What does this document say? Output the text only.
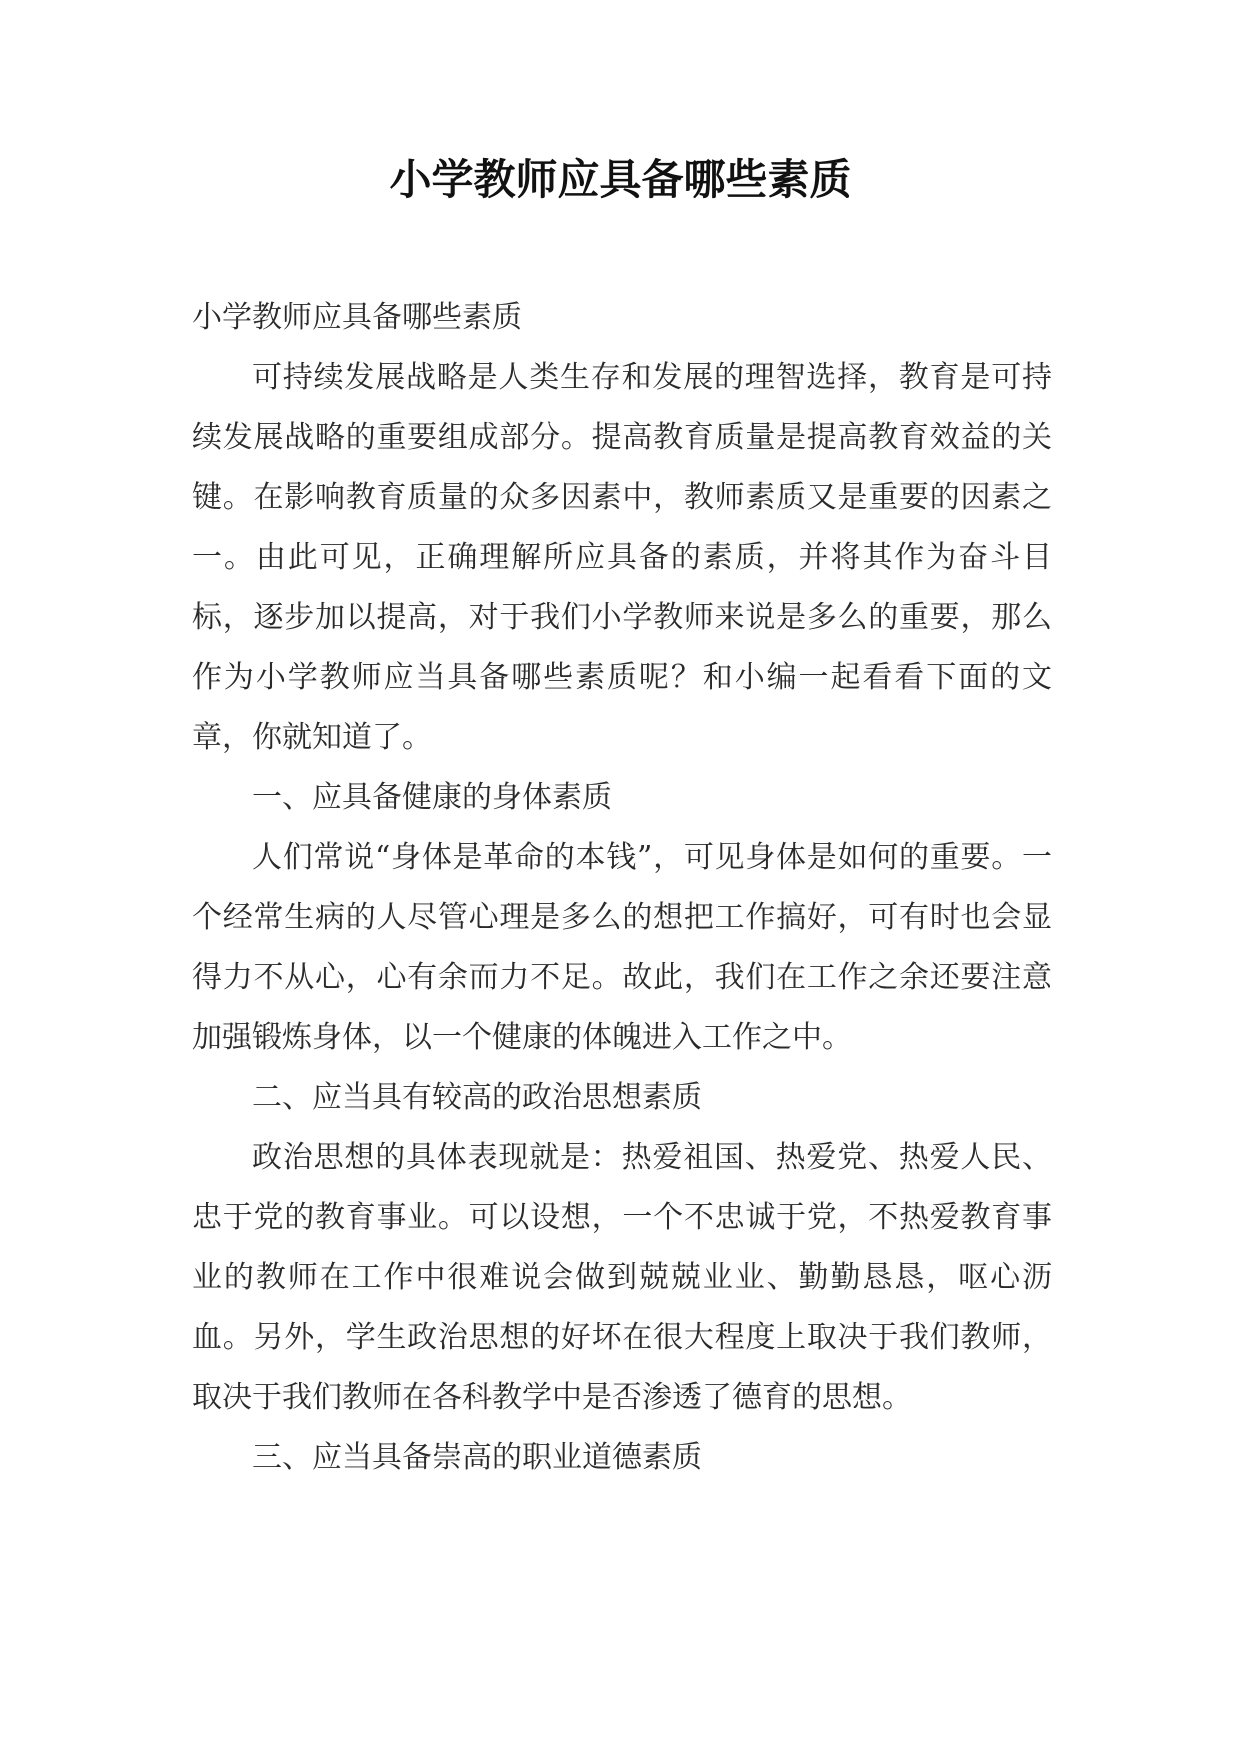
小学教师应具备哪些素质

小学教师应具备哪些素质

可持续发展战略是人类生存和发展的理智选择，教育是可持续发展战略的重要组成部分。提高教育质量是提高教育效益的关键。在影响教育质量的众多因素中，教师素质又是重要的因素之一。由此可见，正确理解所应具备的素质，并将其作为奋斗目标，逐步加以提高，对于我们小学教师来说是多么的重要，那么作为小学教师应当具备哪些素质呢？和小编一起看看下面的文章，你就知道了。

一、应具备健康的身体素质

人们常说“身体是革命的本钱”，可见身体是如何的重要。一个经常生病的人尽管心理是多么的想把工作搞好，可有时也会显得力不从心，心有余而力不足。故此，我们在工作之余还要注意加强锻炼身体，以一个健康的体魄进入工作之中。

二、应当具有较高的政治思想素质

政治思想的具体表现就是：热爱祖国、热爱党、热爱人民、忠于党的教育事业。可以设想，一个不忠诚于党，不热爱教育事业的教师在工作中很难说会做到兢兢业业、勤勤恳恳，呕心沥血。另外，学生政治思想的好坏在很大程度上取决于我们教师，取决于我们教师在各科教学中是否渗透了德育的思想。

三、应当具备崇高的职业道德素质
